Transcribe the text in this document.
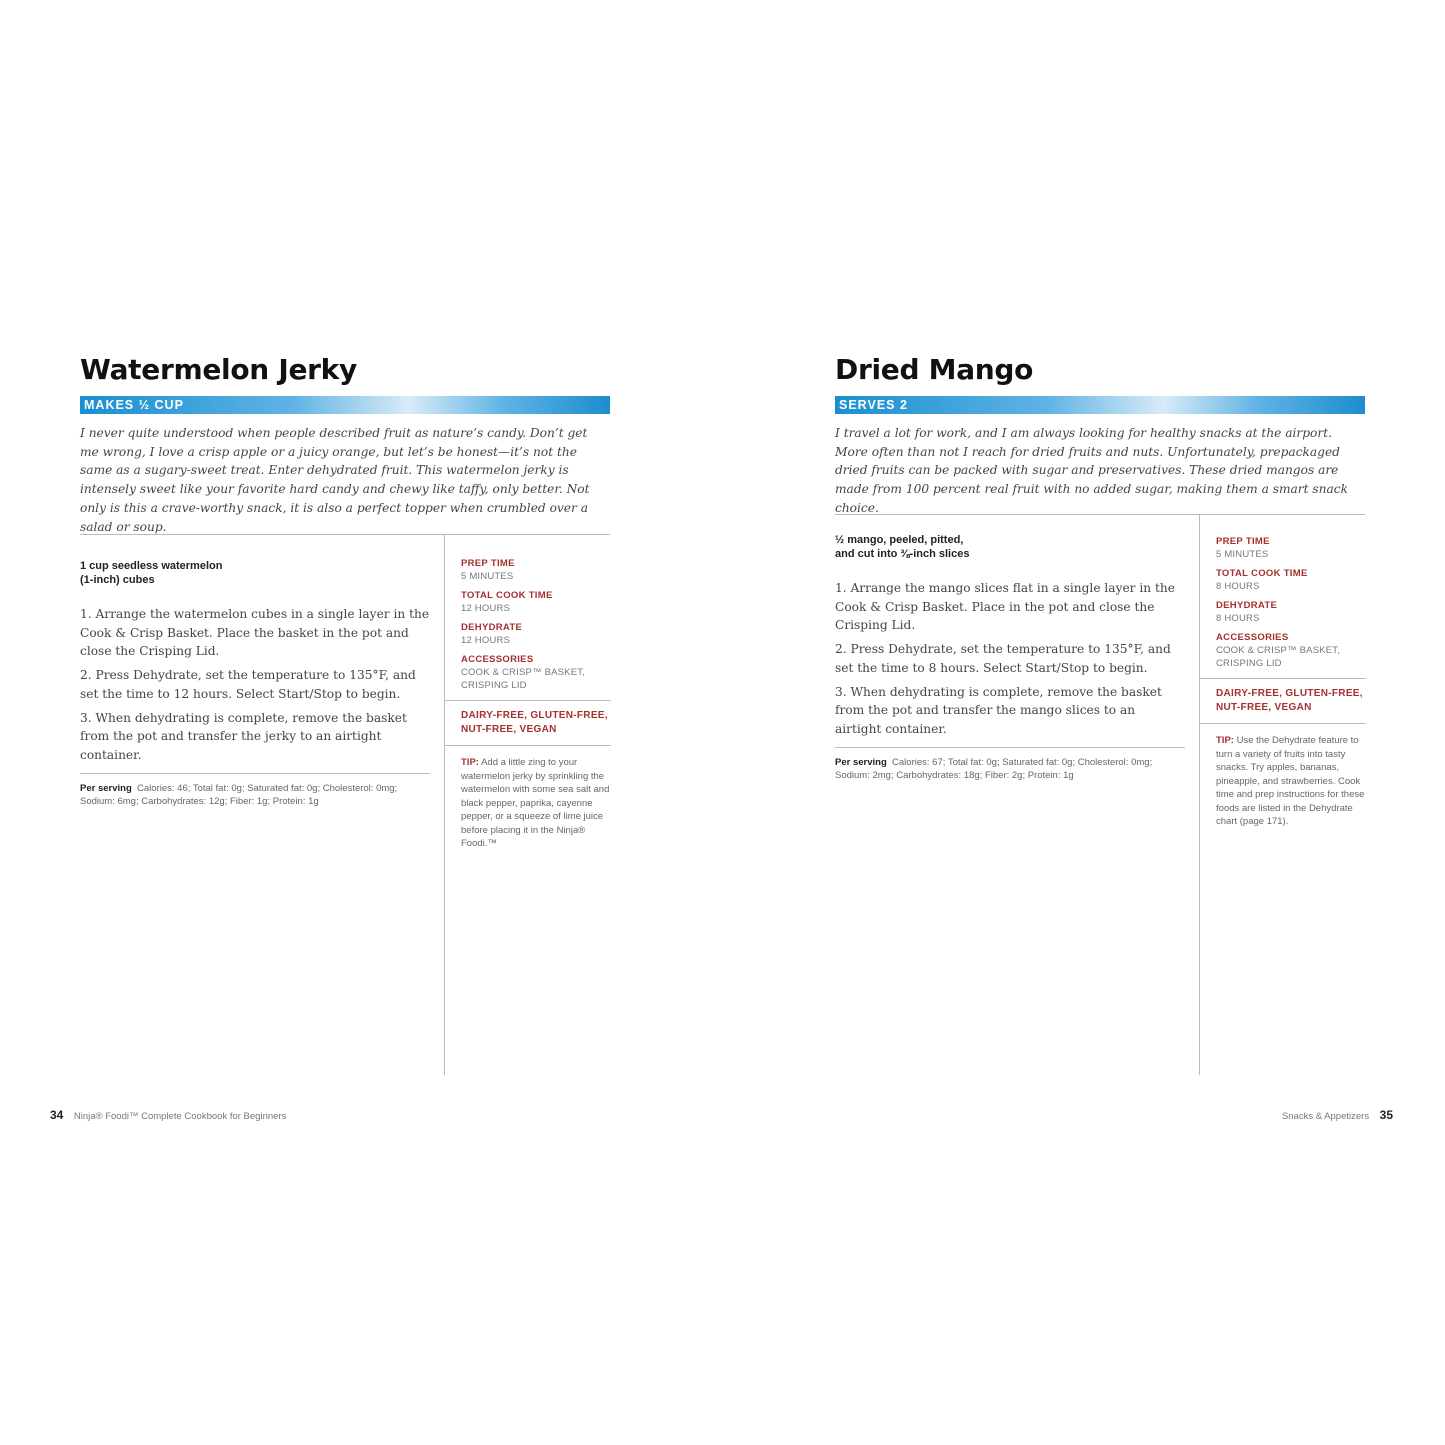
Watermelon Jerky
MAKES ½ CUP

I never quite understood when people described fruit as nature’s candy. Don’t get me wrong, I love a crisp apple or a juicy orange, but let’s be honest—it’s not the same as a sugary-sweet treat. Enter dehydrated fruit. This watermelon jerky is intensely sweet like your favorite hard candy and chewy like taffy, only better. Not only is this a crave-worthy snack, it is also a perfect topper when crumbled over a salad or soup.

1 cup seedless watermelon
(1-inch) cubes

1. Arrange the watermelon cubes in a single layer in the Cook & Crisp Basket. Place the basket in the pot and close the Crisping Lid.
2. Press Dehydrate, set the temperature to 135°F, and set the time to 12 hours. Select Start/Stop to begin.
3. When dehydrating is complete, remove the basket from the pot and transfer the jerky to an airtight container.
Per serving Calories: 46; Total fat: 0g; Saturated fat: 0g; Cholesterol: 0mg; Sodium: 6mg; Carbohydrates: 12g; Fiber: 1g; Protein: 1g
PREP TIME
5 MINUTES
TOTAL COOK TIME
12 HOURS
DEHYDRATE
12 HOURS
ACCESSORIES
COOK & CRISP™ BASKET, CRISPING LID
DAIRY-FREE, GLUTEN-FREE, NUT-FREE, VEGAN
TIP: Add a little zing to your watermelon jerky by sprinkling the watermelon with some sea salt and black pepper, paprika, cayenne pepper, or a squeeze of lime juice before placing it in the Ninja® Foodi.™
Dried Mango
SERVES 2

I travel a lot for work, and I am always looking for healthy snacks at the airport. More often than not I reach for dried fruits and nuts. Unfortunately, prepackaged dried fruits can be packed with sugar and preservatives. These dried mangos are made from 100 percent real fruit with no added sugar, making them a smart snack choice.

½ mango, peeled, pitted,
and cut into ⅜-inch slices

1. Arrange the mango slices flat in a single layer in the Cook & Crisp Basket. Place in the pot and close the Crisping Lid.
2. Press Dehydrate, set the temperature to 135°F, and set the time to 8 hours. Select Start/Stop to begin.
3. When dehydrating is complete, remove the basket from the pot and transfer the mango slices to an airtight container.
Per serving Calories: 67; Total fat: 0g; Saturated fat: 0g; Cholesterol: 0mg; Sodium: 2mg; Carbohydrates: 18g; Fiber: 2g; Protein: 1g
PREP TIME
5 MINUTES
TOTAL COOK TIME
8 HOURS
DEHYDRATE
8 HOURS
ACCESSORIES
COOK & CRISP™ BASKET, CRISPING LID
DAIRY-FREE, GLUTEN-FREE, NUT-FREE, VEGAN
TIP: Use the Dehydrate feature to turn a variety of fruits into tasty snacks. Try apples, bananas, pineapple, and strawberries. Cook time and prep instructions for these foods are listed in the Dehydrate chart (page 171).
34 Ninja® Foodi™ Complete Cookbook for Beginners	Snacks & Appetizers 35
